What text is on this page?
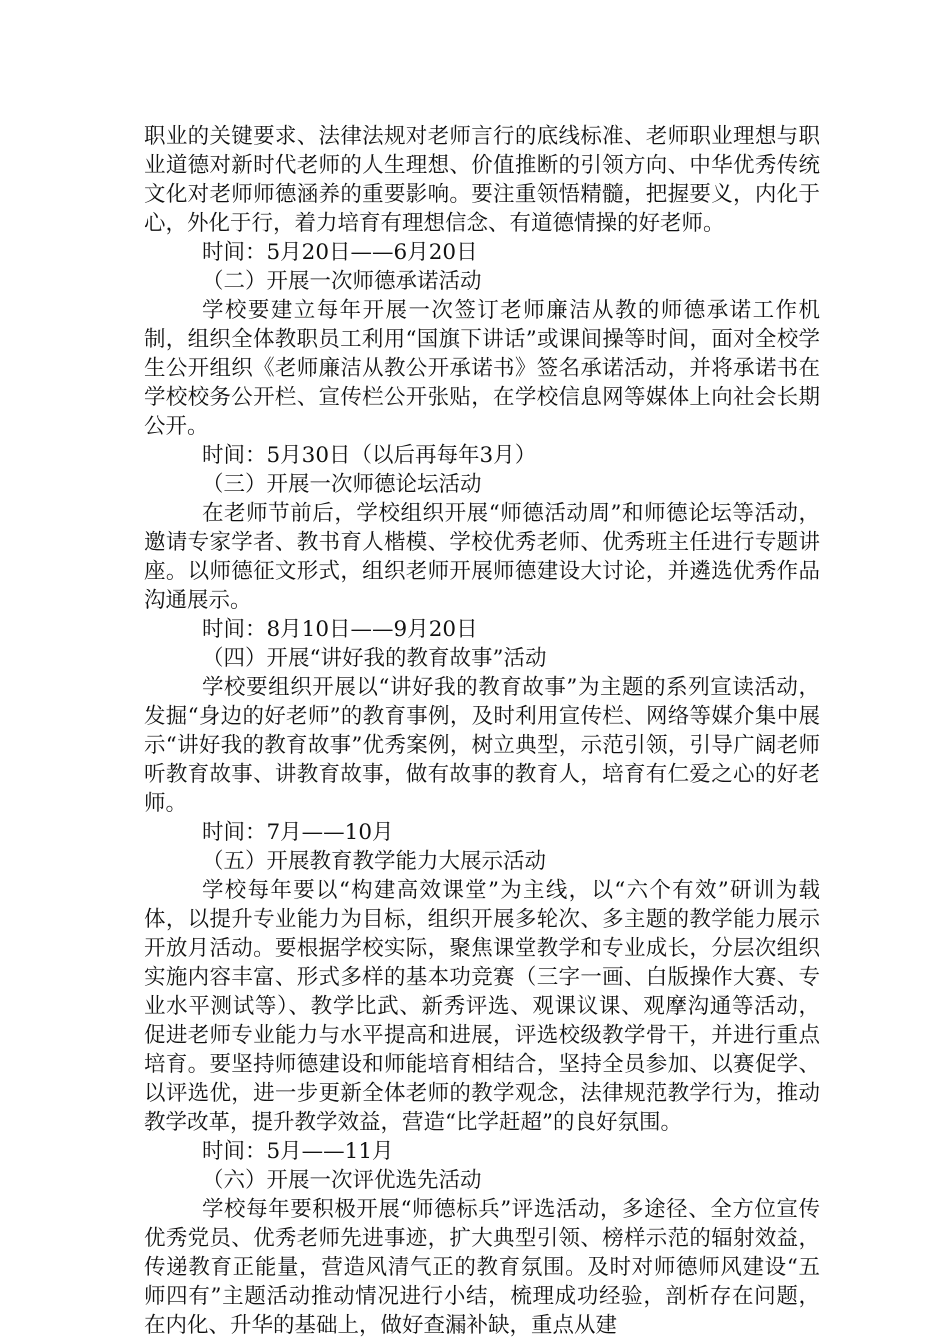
职业的关键要求、法律法规对老师言行的底线标准、老师职业理想与职业道德对新时代老师的人生理想、价值推断的引领方向、中华优秀传统文化对老师师德涵养的重要影响。要注重领悟精髓，把握要义，内化于心，外化于行，着力培育有理想信念、有道德情操的好老师。

时间：5月20日——6月20日

（二）开展一次师德承诺活动

学校要建立每年开展一次签订老师廉洁从教的师德承诺工作机制，组织全体教职员工利用“国旗下讲话”或课间操等时间，面对全校学生公开组织《老师廉洁从教公开承诺书》签名承诺活动，并将承诺书在学校校务公开栏、宣传栏公开张贴，在学校信息网等媒体上向社会长期公开。

时间：5月30日（以后再每年3月）

（三）开展一次师德论坛活动

在老师节前后，学校组织开展“师德活动周”和师德论坛等活动，邀请专家学者、教书育人楷模、学校优秀老师、优秀班主任进行专题讲座。以师德征文形式，组织老师开展师德建设大讨论，并遴选优秀作品沟通展示。

时间：8月10日——9月20日

（四）开展“讲好我的教育故事”活动

学校要组织开展以“讲好我的教育故事”为主题的系列宣读活动，发掘“身边的好老师”的教育事例，及时利用宣传栏、网络等媒介集中展示“讲好我的教育故事”优秀案例，树立典型，示范引领，引导广阔老师听教育故事、讲教育故事，做有故事的教育人，培育有仁爱之心的好老师。

时间：7月——10月

（五）开展教育教学能力大展示活动

学校每年要以“构建高效课堂”为主线，以“六个有效”研训为载体，以提升专业能力为目标，组织开展多轮次、多主题的教学能力展示开放月活动。要根据学校实际，聚焦课堂教学和专业成长，分层次组织实施内容丰富、形式多样的基本功竞赛（三字一画、白版操作大赛、专业水平测试等）、教学比武、新秀评选、观课议课、观摩沟通等活动，促进老师专业能力与水平提高和进展，评选校级教学骨干，并进行重点培育。要坚持师德建设和师能培育相结合，坚持全员参加、以赛促学、以评选优，进一步更新全体老师的教学观念，法律规范教学行为，推动教学改革，提升教学效益，营造“比学赶超”的良好氛围。

时间：5月——11月

（六）开展一次评优选先活动

学校每年要积极开展“师德标兵”评选活动，多途径、全方位宣传优秀党员、优秀老师先进事迹，扩大典型引领、榜样示范的辐射效益，传递教育正能量，营造风清气正的教育氛围。及时对师德师风建设“五师四有”主题活动推动情况进行小结，梳理成功经验，剖析存在问题，在内化、升华的基础上，做好查漏补缺，重点从建
